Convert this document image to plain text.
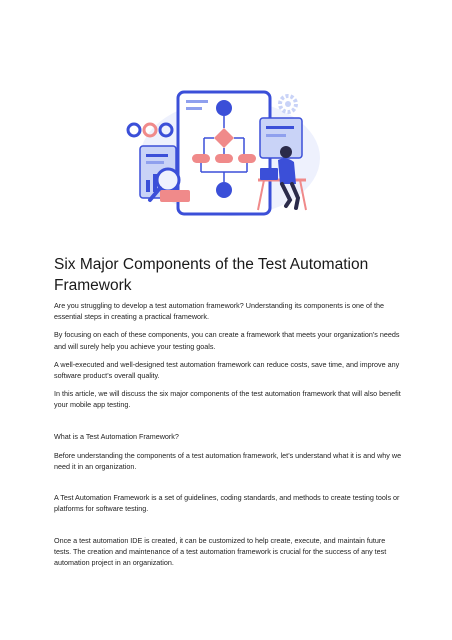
Six Major Components of the Test Automation Framework

Are you struggling to develop a test automation framework? Understanding its components is one of the essential steps in creating a practical framework.

By focusing on each of these components, you can create a framework that meets your organization’s needs and will surely help you achieve your testing goals.

A well-executed and well-designed test automation framework can reduce costs, save time, and improve any software product’s overall quality.

In this article, we will discuss the six major components of the test automation framework that will also benefit your mobile app testing.

What is a Test Automation Framework?

Before understanding the components of a test automation framework, let’s understand what it is and why we need it in an organization.

A Test Automation Framework is a set of guidelines, coding standards, and methods to create testing tools or platforms for software testing.

Once a test automation IDE is created, it can be customized to help create, execute, and maintain future tests. The creation and maintenance of a test automation framework is crucial for the success of any test automation project in an organization.
